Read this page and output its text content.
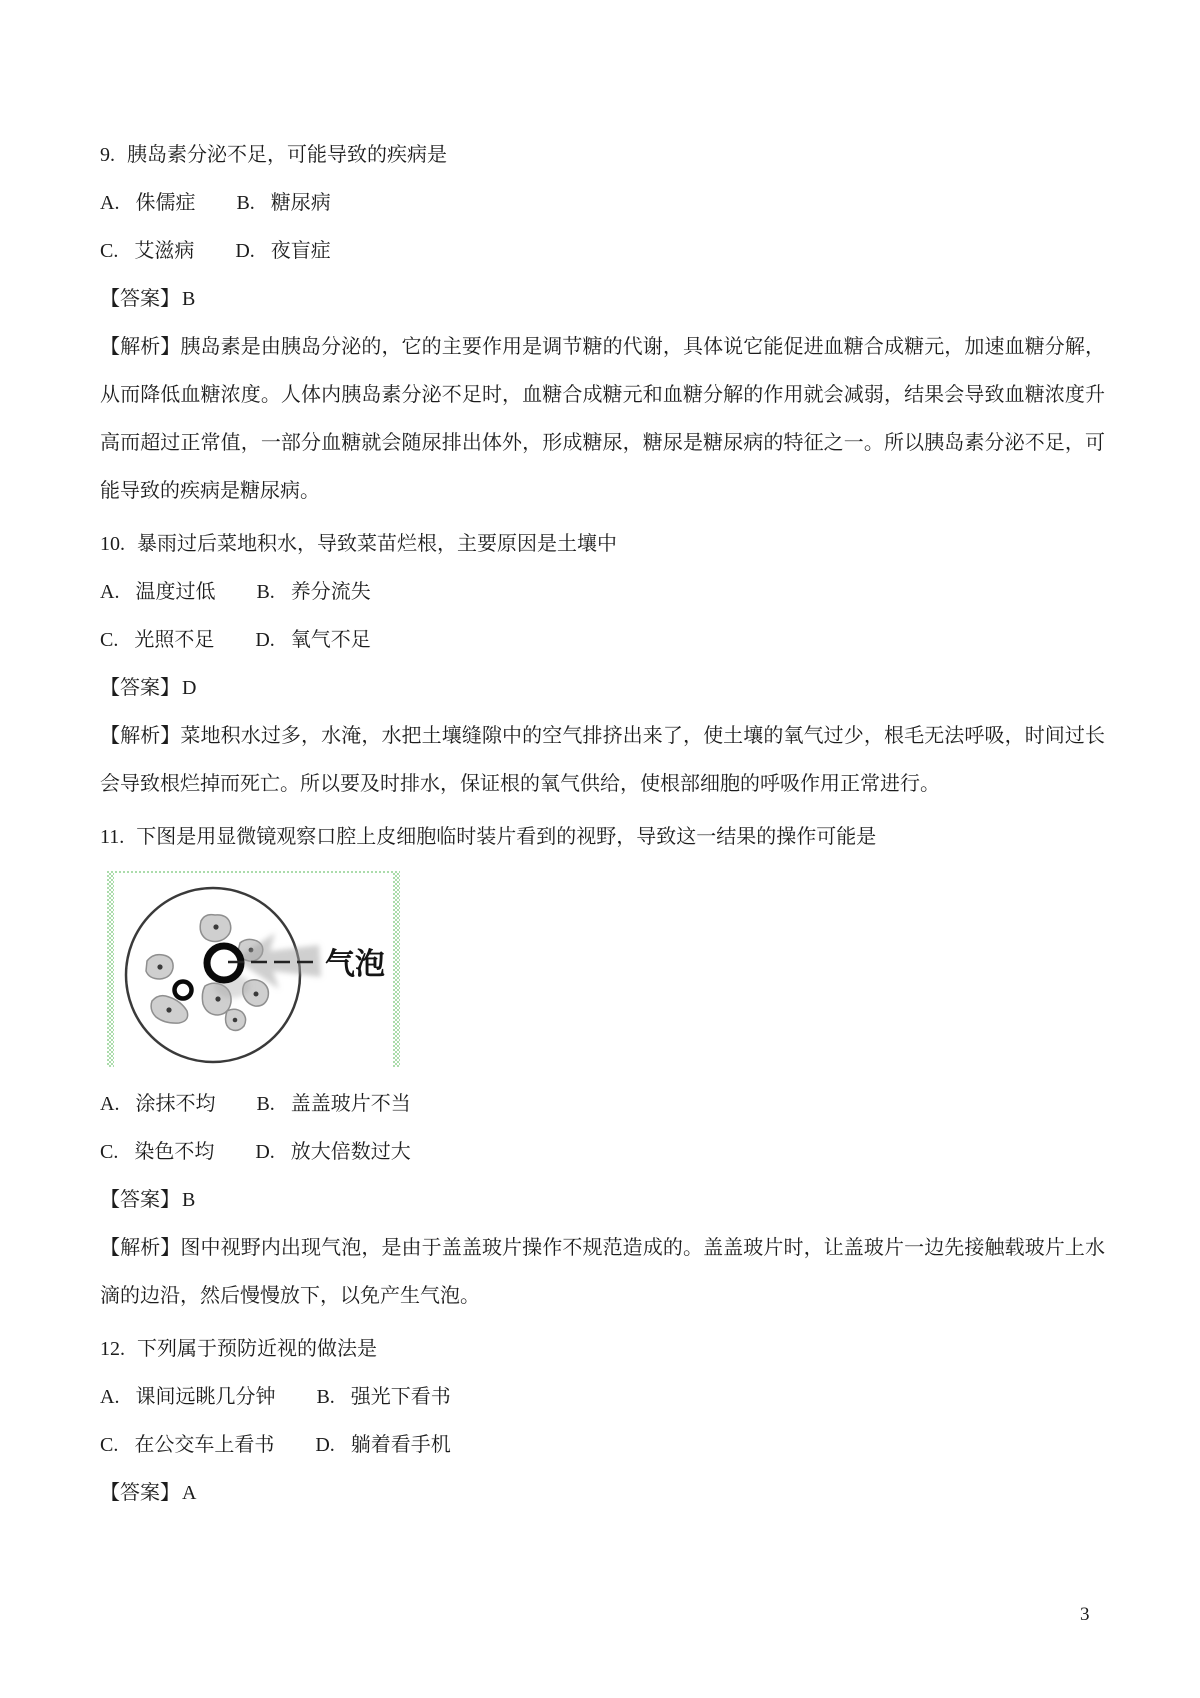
9. 胰岛素分泌不足，可能导致的疾病是

A. 侏儒症 B. 糖尿病

C. 艾滋病 D. 夜盲症

【答案】 B

【解析】胰岛素是由胰岛分泌的，它的主要作用是调节糖的代谢，具体说它能促进血糖合成糖元，加速血糖分解，从而降低血糖浓度。人体内胰岛素分泌不足时，血糖合成糖元和血糖分解的作用就会减弱，结果会导致血糖浓度升高而超过正常值，一部分血糖就会随尿排出体外，形成糖尿，糖尿是糖尿病的特征之一。所以胰岛素分泌不足，可能导致的疾病是糖尿病。

10. 暴雨过后菜地积水，导致菜苗烂根，主要原因是土壤中

A. 温度过低 B. 养分流失

C. 光照不足 D. 氧气不足

【答案】 D

【解析】菜地积水过多，水淹，水把土壤缝隙中的空气排挤出来了，使土壤的氧气过少，根毛无法呼吸，时间过长会导致根烂掉而死亡。所以要及时排水，保证根的氧气供给，使根部细胞的呼吸作用正常进行。

11. 下图是用显微镜观察口腔上皮细胞临时装片看到的视野，导致这一结果的操作可能是

气泡

A. 涂抹不均 B. 盖盖玻片不当

C. 染色不均 D. 放大倍数过大

【答案】 B

【解析】图中视野内出现气泡，是由于盖盖玻片操作不规范造成的。盖盖玻片时，让盖玻片一边先接触载玻片上水滴的边沿，然后慢慢放下，以免产生气泡。

12. 下列属于预防近视的做法是

A. 课间远眺几分钟 B. 强光下看书

C. 在公交车上看书 D. 躺着看手机

【答案】 A

3
